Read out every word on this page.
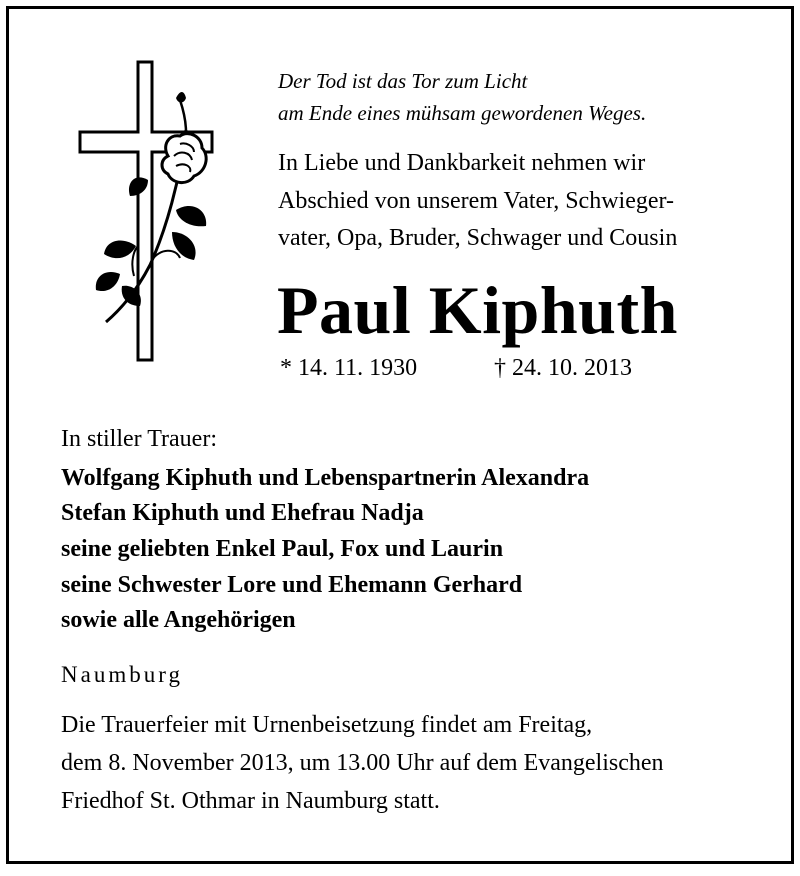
Der Tod ist das Tor zum Licht
am Ende eines mühsam gewordenen Weges.
In Liebe und Dankbarkeit nehmen wir
Abschied von unserem Vater, Schwieger-
vater, Opa, Bruder, Schwager und Cousin
Paul Kiphuth
* 14. 11. 1930	† 24. 10. 2013
In stiller Trauer:
Wolfgang Kiphuth und Lebenspartnerin Alexandra
Stefan Kiphuth und Ehefrau Nadja
seine geliebten Enkel Paul, Fox und Laurin
seine Schwester Lore und Ehemann Gerhard
sowie alle Angehörigen
Naumburg
Die Trauerfeier mit Urnenbeisetzung findet am Freitag,
dem 8. November 2013, um 13.00 Uhr auf dem Evangelischen
Friedhof St. Othmar in Naumburg statt.
